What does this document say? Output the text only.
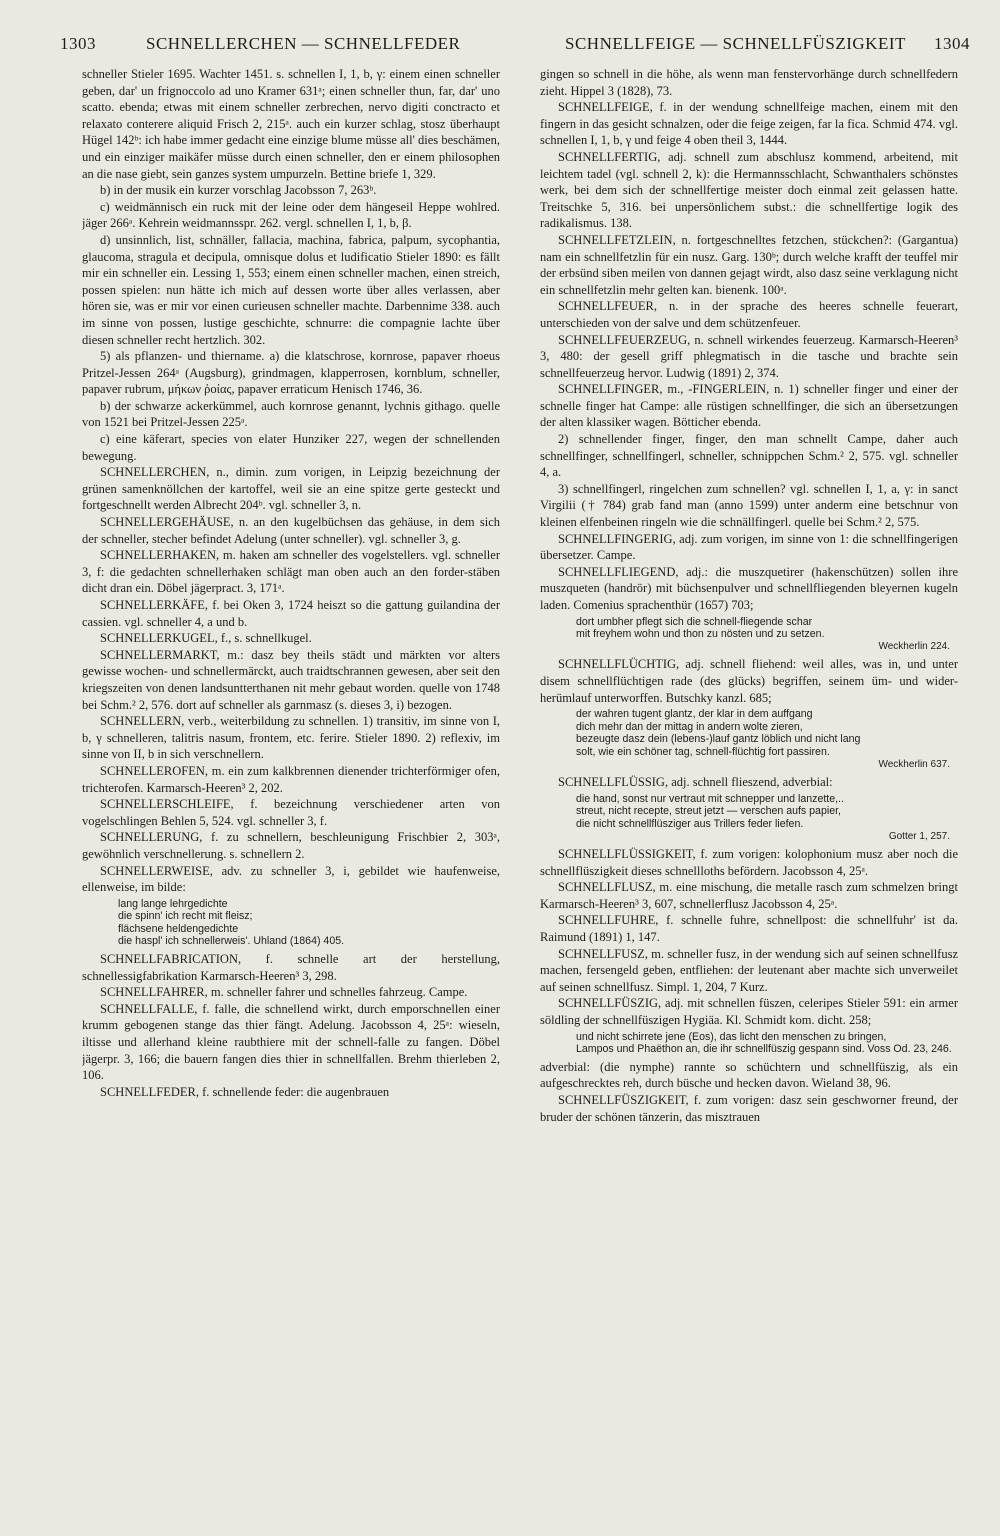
1303	SCHNELLERCHEN — SCHNELLFEDER	SCHNELLFEIGE — SCHNELLFÜSZIGKEIT 1304

schneller Stieler 1695. Wachter 1451. s. schnellen I, 1, b, γ: einem einen schneller geben, dar' un frignoccolo ad uno Kramer 631ᵃ; einen schneller thun, far, dar' uno scatto. ebenda; etwas mit einem schneller zerbrechen, nervo digiti conctracto et relaxato conterere aliquid Frisch 2, 215ᵃ. auch ein kurzer schlag, stosz überhaupt Hügel 142ᵇ: ich habe immer gedacht eine einzige blume müsse all' dies beschämen, und ein einziger maikäfer müsse durch einen schneller, den er einem philosophen an die nase giebt, sein ganzes system umpurzeln. Bettine briefe 1, 329.

b) in der musik ein kurzer vorschlag Jacobsson 7, 263ᵇ.

c) weidmännisch ein ruck mit der leine oder dem hängeseil Heppe wohlred. jäger 266ᵃ. Kehrein weidmannsspr. 262. vergl. schnellen I, 1, b, β.

d) unsinnlich, list, schnäller, fallacia, machina, fabrica, palpum, sycophantia, glaucoma, stragula et decipula, omnisque dolus et ludificatio Stieler 1890: es fällt mir ein schneller ein. Lessing 1, 553; einem einen schneller machen, einen streich, possen spielen: nun hätte ich mich auf dessen worte über alles verlassen, aber hören sie, was er mir vor einen curieusen schneller machte. Darbennime 338. auch im sinne von possen, lustige geschichte, schnurre: die compagnie lachte über diesen schneller recht hertzlich. 302.

5) als pflanzen- und thiername. a) die klatschrose, kornrose, papaver rhoeus Pritzel-Jessen 264ᵃ (Augsburg), grindmagen, klapperrosen, kornblum, schneller, papaver rubrum, μήκων ῥοίας, papaver erraticum Henisch 1746, 36.

b) der schwarze ackerkümmel, auch kornrose genannt, lychnis githago. quelle von 1521 bei Pritzel-Jessen 225ᵃ.

c) eine käferart, species von elater Hunziker 227, wegen der schnellenden bewegung.

SCHNELLERCHEN, n., dimin. zum vorigen, in Leipzig bezeichnung der grünen samenknöllchen der kartoffel, weil sie an eine spitze gerte gesteckt und fortgeschnellt werden Albrecht 204ᵇ. vgl. schneller 3, n.

SCHNELLERGEHÄUSE, n. an den kugelbüchsen das gehäuse, in dem sich der schneller, stecher befindet Adelung (unter schneller). vgl. schneller 3, g.

SCHNELLERHAKEN, m. haken am schneller des vogelstellers. vgl. schneller 3, f: die gedachten schnellerhaken schlägt man oben auch an den forder-stäben dicht dran ein. Döbel jägerpract. 3, 171ᵃ.

SCHNELLERKÄFE, f. bei Oken 3, 1724 heiszt so die gattung guilandina der cassien. vgl. schneller 4, a und b.

SCHNELLERKUGEL, f., s. schnellkugel.

SCHNELLERMARKT, m.: dasz bey theils städt und märkten vor alters gewisse wochen- und schnellermärckt, auch traidtschrannen gewesen, aber seit den kriegszeiten von denen landsuntterthanen nit mehr gebaut worden. quelle von 1748 bei Schm.² 2, 576. dort auf schneller als garnmasz (s. dieses 3, i) bezogen.

SCHNELLERN, verb., weiterbildung zu schnellen. 1) transitiv, im sinne von I, b, γ schnelleren, talitris nasum, frontem, etc. ferire. Stieler 1890. 2) reflexiv, im sinne von II, b in sich verschnellern.

SCHNELLEROFEN, m. ein zum kalkbrennen dienender trichterförmiger ofen, trichterofen. Karmarsch-Heeren³ 2, 202.

SCHNELLERSCHLEIFE, f. bezeichnung verschiedener arten von vogelschlingen Behlen 5, 524. vgl. schneller 3, f.

SCHNELLERUNG, f. zu schnellern, beschleunigung Frischbier 2, 303ᵃ, gewöhnlich verschnellerung. s. schnellern 2.

SCHNELLERWEISE, adv. zu schneller 3, i, gebildet wie haufenweise, ellenweise, im bilde:

lang lange lehrgedichte
die spinn' ich recht mit fleisz;
flächsene heldengedichte
die haspl' ich schnellerweis'. Uhland (1864) 405.

SCHNELLFABRICATION, f. schnelle art der herstellung, schnellessigfabrikation Karmarsch-Heeren³ 3, 298.

SCHNELLFAHRER, m. schneller fahrer und schnelles fahrzeug. Campe.

SCHNELLFALLE, f. falle, die schnellend wirkt, durch emporschnellen einer krumm gebogenen stange das thier fängt. Adelung. Jacobsson 4, 25ᵃ: wieseln, iltisse und allerhand kleine raubthiere mit der schnell-falle zu fangen. Döbel jägerpr. 3, 166; die bauern fangen dies thier in schnellfallen. Brehm thierleben 2, 106.

SCHNELLFEDER, f. schnellende feder: die augenbrauen

gingen so schnell in die höhe, als wenn man fenstervorhänge durch schnellfedern zieht. Hippel 3 (1828), 73.

SCHNELLFEIGE, f. in der wendung schnellfeige machen, einem mit den fingern in das gesicht schnalzen, oder die feige zeigen, far la fica. Schmid 474. vgl. schnellen I, 1, b, γ und feige 4 oben theil 3, 1444.

SCHNELLFERTIG, adj. schnell zum abschlusz kommend, arbeitend, mit leichtem tadel (vgl. schnell 2, k): die Hermannsschlacht, Schwanthalers schönstes werk, bei dem sich der schnellfertige meister doch einmal zeit gelassen hatte. Treitschke 5, 316. bei unpersönlichem subst.: die schnellfertige logik des radikalismus. 138.

SCHNELLFETZLEIN, n. fortgeschnelltes fetzchen, stückchen?: (Gargantua) nam ein schnellfetzlin für ein nusz. Garg. 130ᵇ; durch welche krafft der teuffel mir der erbsünd siben meilen von dannen gejagt wirdt, also dasz seine verklagung nicht ein schnellfetzlin mehr gelten kan. bienenk. 100ᵃ.

SCHNELLFEUER, n. in der sprache des heeres schnelle feuerart, unterschieden von der salve und dem schützenfeuer.

SCHNELLFEUERZEUG, n. schnell wirkendes feuerzeug. Karmarsch-Heeren³ 3, 480: der gesell griff phlegmatisch in die tasche und brachte sein schnellfeuerzeug hervor. Ludwig (1891) 2, 374.

SCHNELLFINGER, m., -FINGERLEIN, n. 1) schneller finger und einer der schnelle finger hat Campe: alle rüstigen schnellfinger, die sich an übersetzungen der alten klassiker wagen. Bötticher ebenda.

2) schnellender finger, finger, den man schnellt Campe, daher auch schnellfinger, schnellfingerl, schneller, schnippchen Schm.² 2, 575. vgl. schneller 4, a.

3) schnellfingerl, ringelchen zum schnellen? vgl. schnellen I, 1, a, γ: in sanct Virgilii († 784) grab fand man (anno 1599) unter anderm eine betschnur von kleinen elfenbeinen ringeln wie die schnällfingerl. quelle bei Schm.² 2, 575.

SCHNELLFINGERIG, adj. zum vorigen, im sinne von 1: die schnellfingerigen übersetzer. Campe.

SCHNELLFLIEGEND, adj.: die muszquetirer (hakenschützen) sollen ihre muszqueten (handrör) mit büchsenpulver und schnellfliegenden bleyernen kugeln laden. Comenius sprachenthür (1657) 703;

dort umbher pflegt sich die schnell-fliegende schar
mit freyhem wohn und thon zu nösten und zu setzen.
Weckherlin 224.

SCHNELLFLÜCHTIG, adj. schnell fliehend: weil alles, was in, und unter disem schnellflüchtigen rade (des glücks) begriffen, seinem üm- und wider-herümlauf unterworffen. Butschky kanzl. 685;

der wahren tugent glantz, der klar in dem auffgang
dich mehr dan der mittag in andern wolte zieren,
bezeugte dasz dein (lebens-)lauf gantz löblich und nicht lang
solt, wie ein schöner tag, schnell-flüchtig fort passiren.
Weckherlin 637.

SCHNELLFLÜSSIG, adj. schnell flieszend, adverbial:

die hand, sonst nur vertraut mit schnepper und lanzette,..
streut, nicht recepte, streut jetzt — verschen aufs papier,
die nicht schnellflüsziger aus Trillers feder liefen.
Gotter 1, 257.

SCHNELLFLÜSSIGKEIT, f. zum vorigen: kolophonium musz aber noch die schnellflüszigkeit dieses schnellloths befördern. Jacobsson 4, 25ᵃ.

SCHNELLFLUSZ, m. eine mischung, die metalle rasch zum schmelzen bringt Karmarsch-Heeren³ 3, 607, schnellerflusz Jacobsson 4, 25ᵃ.

SCHNELLFUHRE, f. schnelle fuhre, schnellpost: die schnellfuhr' ist da. Raimund (1891) 1, 147.

SCHNELLFUSZ, m. schneller fusz, in der wendung sich auf seinen schnellfusz machen, fersengeld geben, entfliehen: der leutenant aber machte sich unverweilet auf seinen schnellfusz. Simpl. 1, 204, 7 Kurz.

SCHNELLFÜSZIG, adj. mit schnellen füszen, celeripes Stieler 591: ein armer söldling der schnellfüszigen Hygiäa. Kl. Schmidt kom. dicht. 258;

und nicht schirrete jene (Eos), das licht den menschen zu bringen,
Lampos und Phaëthon an, die ihr schnellfüszig gespann sind. Voss Od. 23, 246.

adverbial: (die nymphe) rannte so schüchtern und schnellfüszig, als ein aufgeschrecktes reh, durch büsche und hecken davon. Wieland 38, 96.

SCHNELLFÜSZIGKEIT, f. zum vorigen: dasz sein geschworner freund, der bruder der schönen tänzerin, das misztrauen
